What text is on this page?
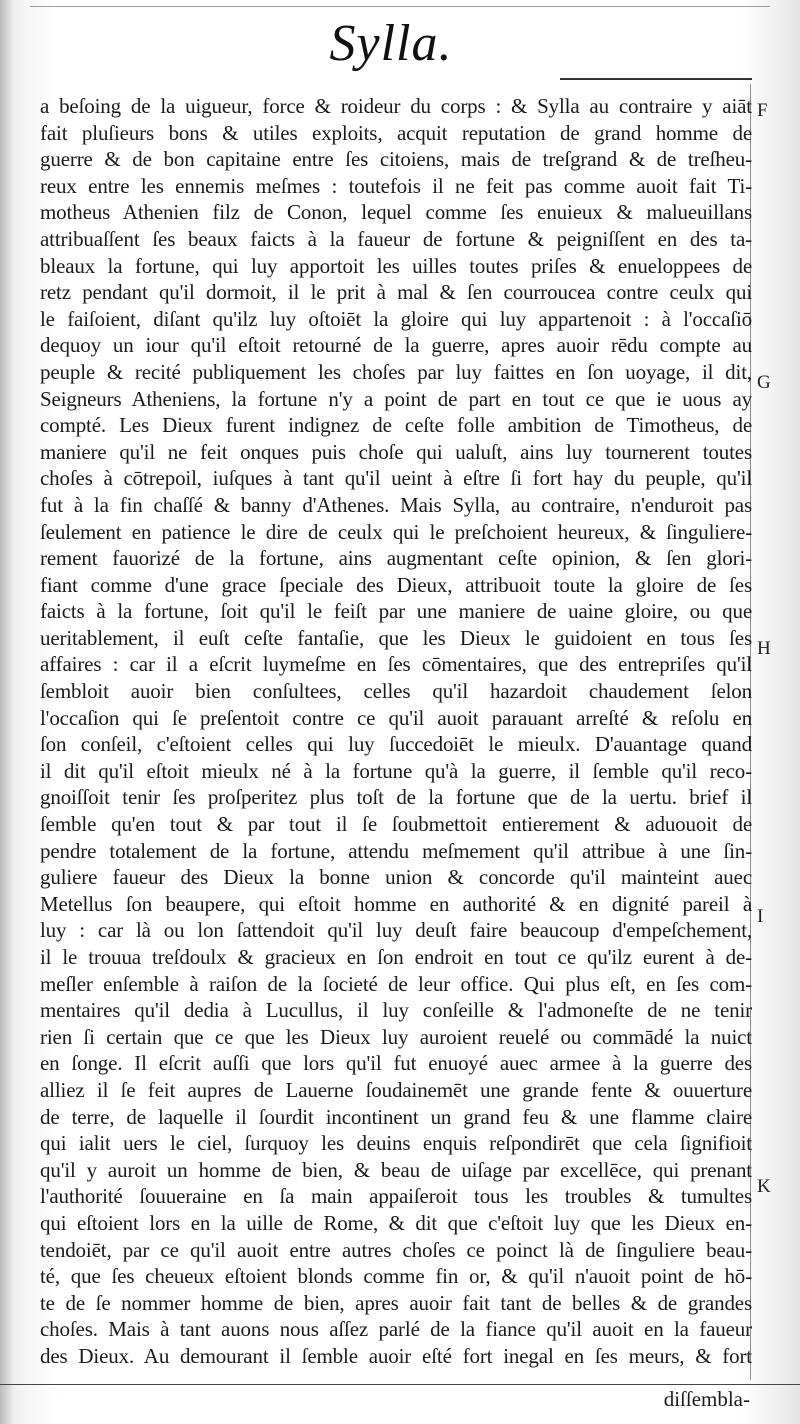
Sylla.
F
G
H
I
K
a beſoing de la uigueur, force & roideur du corps : & Sylla au contraire y aiāt
fait pluſieurs bons & utiles exploits, acquit reputation de grand homme de
guerre & de bon capitaine entre ſes citoiens, mais de treſgrand & de treſheu-
reux entre les ennemis meſmes : toutefois il ne feit pas comme auoit fait Ti-
motheus Athenien filz de Conon, lequel comme ſes enuieux & malueuillans
attribuaſſent ſes beaux faicts à la faueur de fortune & peigniſſent en des ta-
bleaux la fortune, qui luy apportoit les uilles toutes priſes & enueloppees de
retz pendant qu'il dormoit, il le prit à mal & ſen courroucea contre ceulx qui
le faiſoient, diſant qu'ilz luy oſtoiēt la gloire qui luy appartenoit : à l'occaſiō
dequoy un iour qu'il eſtoit retourné de la guerre, apres auoir rēdu compte au
peuple & recité publiquement les choſes par luy faittes en ſon uoyage, il dit,
Seigneurs Atheniens, la fortune n'y a point de part en tout ce que ie uous ay
compté. Les Dieux furent indignez de ceſte folle ambition de Timotheus, de
maniere qu'il ne feit onques puis choſe qui ualuſt, ains luy tournerent toutes
choſes à cōtrepoil, iuſques à tant qu'il ueint à eſtre ſi fort hay du peuple, qu'il
fut à la fin chaſſé & banny d'Athenes. Mais Sylla, au contraire, n'enduroit pas
ſeulement en patience le dire de ceulx qui le preſchoient heureux, & ſinguliere-
rement fauorizé de la fortune, ains augmentant ceſte opinion, & ſen glori-
fiant comme d'une grace ſpeciale des Dieux, attribuoit toute la gloire de ſes
faicts à la fortune, ſoit qu'il le feiſt par une maniere de uaine gloire, ou que
ueritablement, il euſt ceſte fantaſie, que les Dieux le guidoient en tous ſes
affaires : car il a eſcrit luymeſme en ſes cōmentaires, que des entrepriſes qu'il
ſembloit auoir bien conſultees, celles qu'il hazardoit chaudement ſelon
l'occaſion qui ſe preſentoit contre ce qu'il auoit parauant arreſté & reſolu en
ſon conſeil, c'eſtoient celles qui luy ſuccedoiēt le mieulx. D'auantage quand
il dit qu'il eſtoit mieulx né à la fortune qu'à la guerre, il ſemble qu'il reco-
gnoiſſoit tenir ſes proſperitez plus toſt de la fortune que de la uertu. brief il
ſemble qu'en tout & par tout il ſe ſoubmettoit entierement & aduouoit de
pendre totalement de la fortune, attendu meſmement qu'il attribue à une ſin-
guliere faueur des Dieux la bonne union & concorde qu'il mainteint auec
Metellus ſon beaupere, qui eſtoit homme en authorité & en dignité pareil à
luy : car là ou lon ſattendoit qu'il luy deuſt faire beaucoup d'empeſchement,
il le trouua treſdoulx & gracieux en ſon endroit en tout ce qu'ilz eurent à de-
meſler enſemble à raiſon de la ſocieté de leur office. Qui plus eſt, en ſes com-
mentaires qu'il dedia à Lucullus, il luy conſeille & l'admoneſte de ne tenir
rien ſi certain que ce que les Dieux luy auroient reuelé ou commādé la nuict
en ſonge. Il eſcrit auſſi que lors qu'il fut enuoyé auec armee à la guerre des
alliez il ſe feit aupres de Lauerne ſoudainemēt une grande fente & ouuerture
de terre, de laquelle il ſourdit incontinent un grand feu & une flamme claire
qui ialit uers le ciel, ſurquoy les deuins enquis reſpondirēt que cela ſignifioit
qu'il y auroit un homme de bien, & beau de uiſage par excellēce, qui prenant
l'authorité ſouueraine en ſa main appaiſeroit tous les troubles & tumultes
qui eſtoient lors en la uille de Rome, & dit que c'eſtoit luy que les Dieux en-
tendoiēt, par ce qu'il auoit entre autres choſes ce poinct là de ſinguliere beau-
té, que ſes cheueux eſtoient blonds comme fin or, & qu'il n'auoit point de hō-
te de ſe nommer homme de bien, apres auoir fait tant de belles & de grandes
choſes. Mais à tant auons nous aſſez parlé de la fiance qu'il auoit en la faueur
des Dieux. Au demourant il ſemble auoir eſté fort inegal en ſes meurs, & fort
diſſembla-
